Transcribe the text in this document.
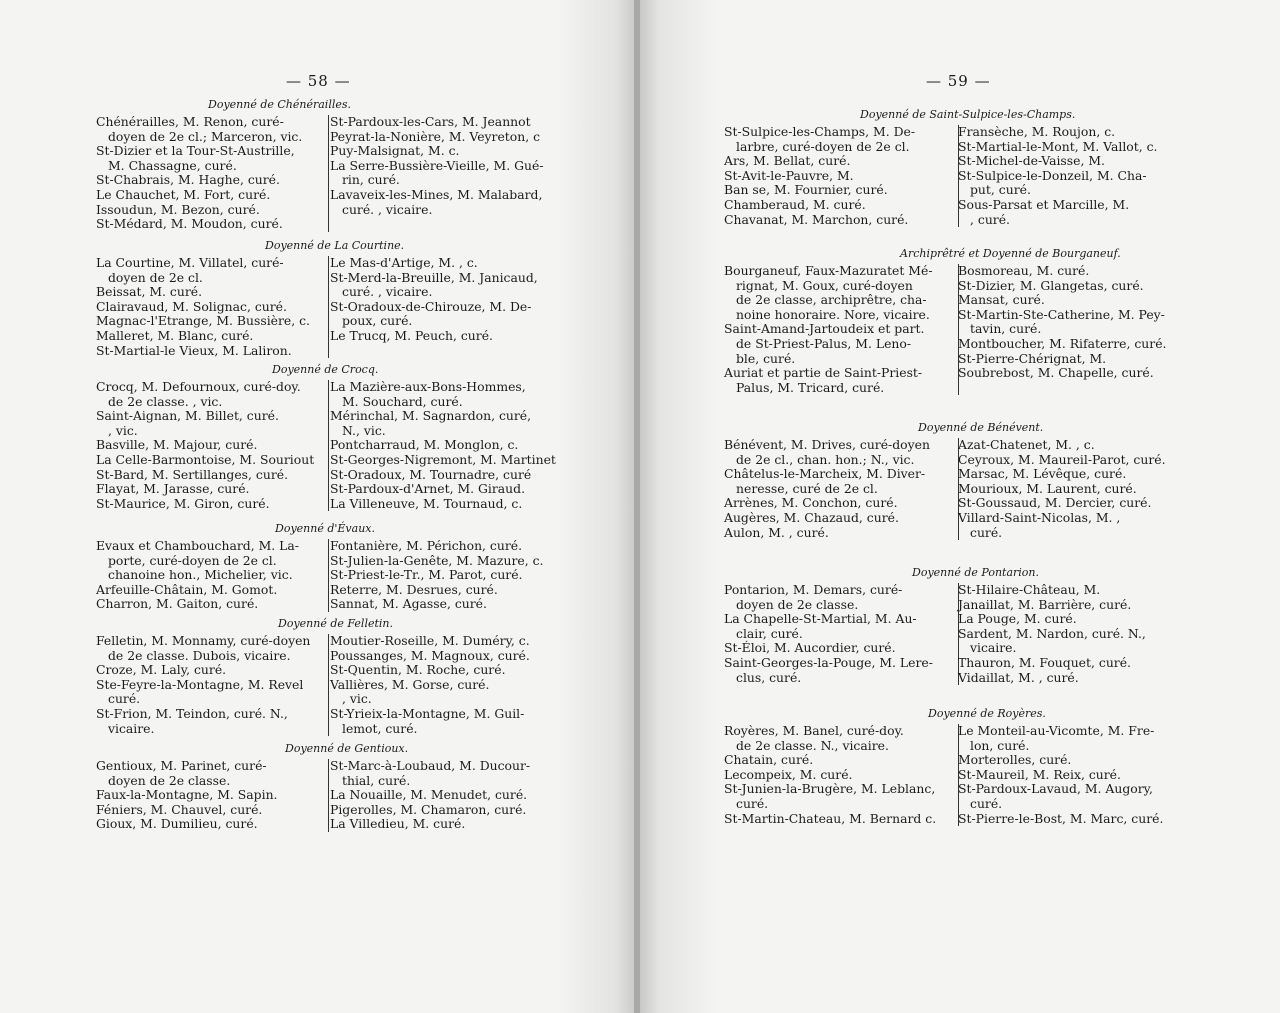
— 58 —
Doyenné de Chénérailles.
Chénérailles, M. Renon, curé-
doyen de 2e cl.; Marceron, vic.
St-Dizier et la Tour-St-Austrille,
M. Chassagne, curé.
St-Chabrais, M. Haghe, curé.
Le Chauchet, M. Fort, curé.
Issoudun, M. Bezon, curé.
St-Médard, M. Moudon, curé.
St-Pardoux-les-Cars, M. Jeannot
Peyrat-la-Nonière, M. Veyreton, c
Puy-Malsignat, M. c.
La Serre-Bussière-Vieille, M. Gué-
rin, curé.
Lavaveix-les-Mines, M. Malabard,
curé. , vicaire.
Doyenné de La Courtine.
La Courtine, M. Villatel, curé-
doyen de 2e cl.
Beissat, M. curé.
Clairavaud, M. Solignac, curé.
Magnac-l'Etrange, M. Bussière, c.
Malleret, M. Blanc, curé.
St-Martial-le Vieux, M. Laliron.
Le Mas-d'Artige, M. , c.
St-Merd-la-Breuille, M. Janicaud,
curé. , vicaire.
St-Oradoux-de-Chirouze, M. De-
poux, curé.
Le Trucq, M. Peuch, curé.
Doyenné de Crocq.
Crocq, M. Defournoux, curé-doy.
de 2e classe. , vic.
Saint-Aignan, M. Billet, curé.
, vic.
Basville, M. Majour, curé.
La Celle-Barmontoise, M. Souriout
St-Bard, M. Sertillanges, curé.
Flayat, M. Jarasse, curé.
St-Maurice, M. Giron, curé.
La Mazière-aux-Bons-Hommes,
M. Souchard, curé.
Mérinchal, M. Sagnardon, curé,
N., vic.
Pontcharraud, M. Monglon, c.
St-Georges-Nigremont, M. Martinet
St-Oradoux, M. Tournadre, curé
St-Pardoux-d'Arnet, M. Giraud.
La Villeneuve, M. Tournaud, c.
Doyenné d'Évaux.
Evaux et Chambouchard, M. La-
porte, curé-doyen de 2e cl.
chanoine hon., Michelier, vic.
Arfeuille-Châtain, M. Gomot.
Charron, M. Gaiton, curé.
Fontanière, M. Périchon, curé.
St-Julien-la-Genête, M. Mazure, c.
St-Priest-le-Tr., M. Parot, curé.
Reterre, M. Desrues, curé.
Sannat, M. Agasse, curé.
Doyenné de Felletin.
Felletin, M. Monnamy, curé-doyen
de 2e classe. Dubois, vicaire.
Croze, M. Laly, curé.
Ste-Feyre-la-Montagne, M. Revel
curé.
St-Frion, M. Teindon, curé. N.,
vicaire.
Moutier-Roseille, M. Duméry, c.
Poussanges, M. Magnoux, curé.
St-Quentin, M. Roche, curé.
Vallières, M. Gorse, curé.
, vic.
St-Yrieix-la-Montagne, M. Guil-
lemot, curé.
Doyenné de Gentioux.
Gentioux, M. Parinet, curé-
doyen de 2e classe.
Faux-la-Montagne, M. Sapin.
Féniers, M. Chauvel, curé.
Gioux, M. Dumilieu, curé.
St-Marc-à-Loubaud, M. Ducour-
thial, curé.
La Nouaille, M. Menudet, curé.
Pigerolles, M. Chamaron, curé.
La Villedieu, M. curé.
— 59 —
Doyenné de Saint-Sulpice-les-Champs.
St-Sulpice-les-Champs, M. De-
larbre, curé-doyen de 2e cl.
Ars, M. Bellat, curé.
St-Avit-le-Pauvre, M.
Ban se, M. Fournier, curé.
Chamberaud, M. curé.
Chavanat, M. Marchon, curé.
Fransèche, M. Roujon, c.
St-Martial-le-Mont, M. Vallot, c.
St-Michel-de-Vaisse, M.
St-Sulpice-le-Donzeil, M. Cha-
put, curé.
Sous-Parsat et Marcille, M.
, curé.
Archiprêtré et Doyenné de Bourganeuf.
Bourganeuf, Faux-Mazuratet Mé-
rignat, M. Goux, curé-doyen
de 2e classe, archiprêtre, cha-
noine honoraire. Nore, vicaire.
Saint-Amand-Jartoudeix et part.
de St-Priest-Palus, M. Leno-
ble, curé.
Auriat et partie de Saint-Priest-
Palus, M. Tricard, curé.
Bosmoreau, M. curé.
St-Dizier, M. Glangetas, curé.
Mansat, curé.
St-Martin-Ste-Catherine, M. Pey-
tavin, curé.
Montboucher, M. Rifaterre, curé.
St-Pierre-Chérignat, M.
Soubrebost, M. Chapelle, curé.
Doyenné de Bénévent.
Bénévent, M. Drives, curé-doyen
de 2e cl., chan. hon.; N., vic.
Châtelus-le-Marcheix, M. Diver-
neresse, curé de 2e cl.
Arrènes, M. Conchon, curé.
Augères, M. Chazaud, curé.
Aulon, M. , curé.
Azat-Chatenet, M. , c.
Ceyroux, M. Maureil-Parot, curé.
Marsac, M. Lévêque, curé.
Mourioux, M. Laurent, curé.
St-Goussaud, M. Dercier, curé.
Villard-Saint-Nicolas, M. ,
curé.
Doyenné de Pontarion.
Pontarion, M. Demars, curé-
doyen de 2e classe.
La Chapelle-St-Martial, M. Au-
clair, curé.
St-Éloi, M. Aucordier, curé.
Saint-Georges-la-Pouge, M. Lere-
clus, curé.
St-Hilaire-Château, M.
Janaillat, M. Barrière, curé.
La Pouge, M. curé.
Sardent, M. Nardon, curé. N.,
vicaire.
Thauron, M. Fouquet, curé.
Vidaillat, M. , curé.
Doyenné de Royères.
Royères, M. Banel, curé-doy.
de 2e classe. N., vicaire.
Chatain, curé.
Lecompeix, M. curé.
St-Junien-la-Brugère, M. Leblanc,
curé.
St-Martin-Chateau, M. Bernard c.
Le Monteil-au-Vicomte, M. Fre-
lon, curé.
Morterolles, curé.
St-Maureil, M. Reix, curé.
St-Pardoux-Lavaud, M. Augory,
curé.
St-Pierre-le-Bost, M. Marc, curé.
